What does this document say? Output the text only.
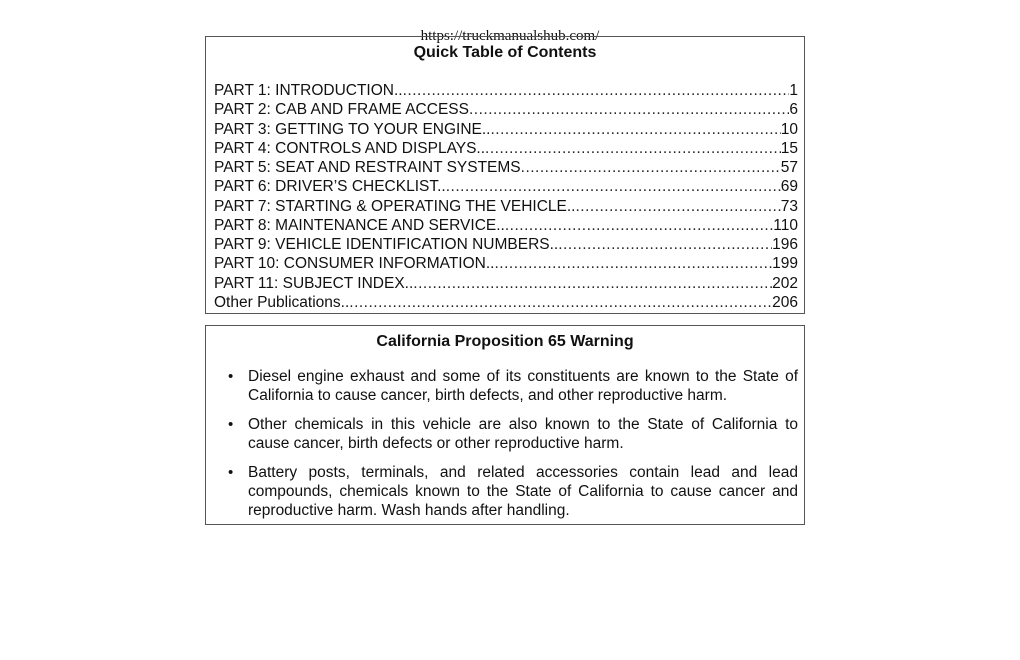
https://truckmanualshub.com/
Quick Table of Contents
PART 1: INTRODUCTION.. .....	1
PART 2: CAB AND FRAME ACCESS .....	6
PART 3: GETTING TO YOUR ENGINE.. .....	10
PART 4: CONTROLS AND DISPLAYS.. .....	15
PART 5: SEAT AND RESTRAINT SYSTEMS .....	57
PART 6: DRIVER’S CHECKLIST.. .....	69
PART 7: STARTING & OPERATING THE VEHICLE.. .....	73
PART 8: MAINTENANCE AND SERVICE.. .....	110
PART 9: VEHICLE IDENTIFICATION NUMBERS.. .....	196
PART 10: CONSUMER INFORMATION.. .....	199
PART 11: SUBJECT INDEX.. .....	202
Other Publications.. .....	206
California Proposition 65 Warning
• Diesel engine exhaust and some of its constituents are known to the State of California to cause cancer, birth defects, and other reproductive harm.
• Other chemicals in this vehicle are also known to the State of California to cause cancer, birth defects or other reproductive harm.
• Battery posts, terminals, and related accessories contain lead and lead compounds, chemicals known to the State of California to cause cancer and reproductive harm. Wash hands after handling.
